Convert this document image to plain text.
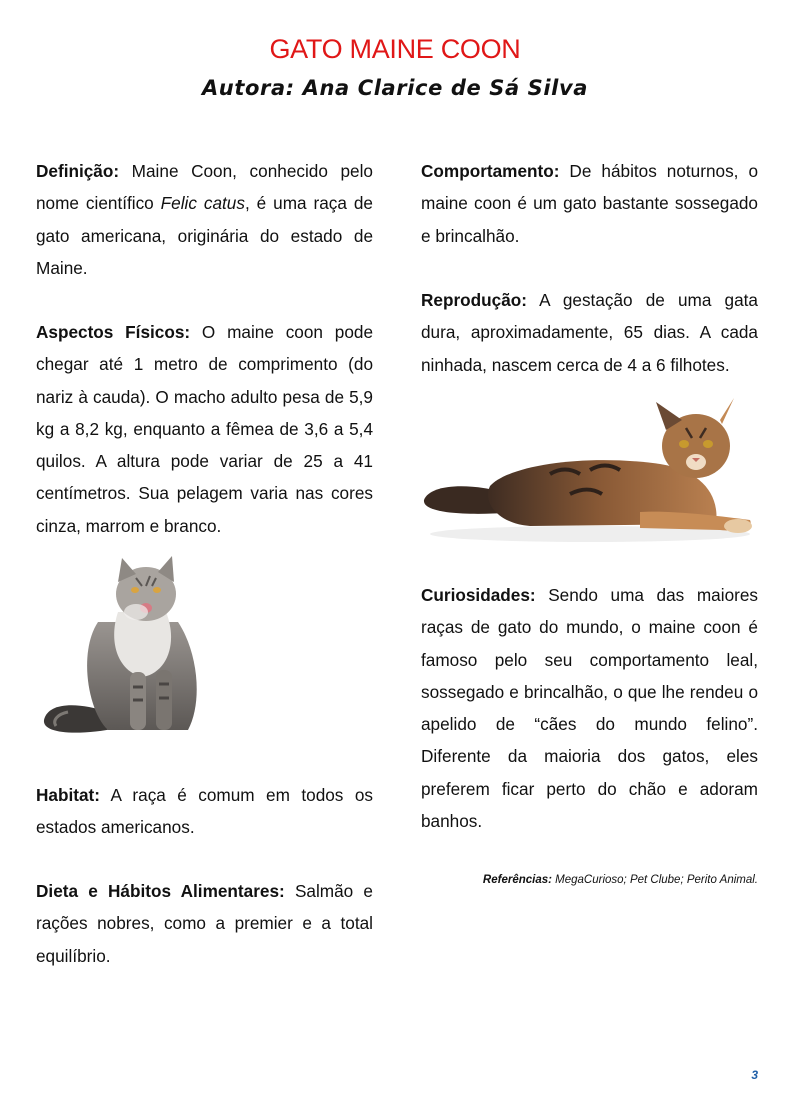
GATO MAINE COON
Autora: Ana Clarice de Sá Silva

Definição: Maine Coon, conhecido pelo nome científico Felic catus, é uma raça de gato americana, originária do estado de Maine.

Aspectos Físicos: O maine coon pode chegar até 1 metro de comprimento (do nariz à cauda). O macho adulto pesa de 5,9 kg a 8,2 kg, enquanto a fêmea de 3,6 a 5,4 quilos. A altura pode variar de 25 a 41 centímetros. Sua pelagem varia nas cores cinza, marrom e branco.

Habitat: A raça é comum em todos os estados americanos.

Dieta e Hábitos Alimentares: Salmão e rações nobres, como a premier e a total equilíbrio.

Comportamento: De hábitos noturnos, o maine coon é um gato bastante sossegado e brincalhão.

Reprodução: A gestação de uma gata dura, aproximadamente, 65 dias. A cada ninhada, nascem cerca de 4 a 6 filhotes.

Curiosidades: Sendo uma das maiores raças de gato do mundo, o maine coon é famoso pelo seu comportamento leal, sossegado e brincalhão, o que lhe rendeu o apelido de “cães do mundo felino”. Diferente da maioria dos gatos, eles preferem ficar perto do chão e adoram banhos.

Referências: MegaCurioso; Pet Clube; Perito Animal.
3
